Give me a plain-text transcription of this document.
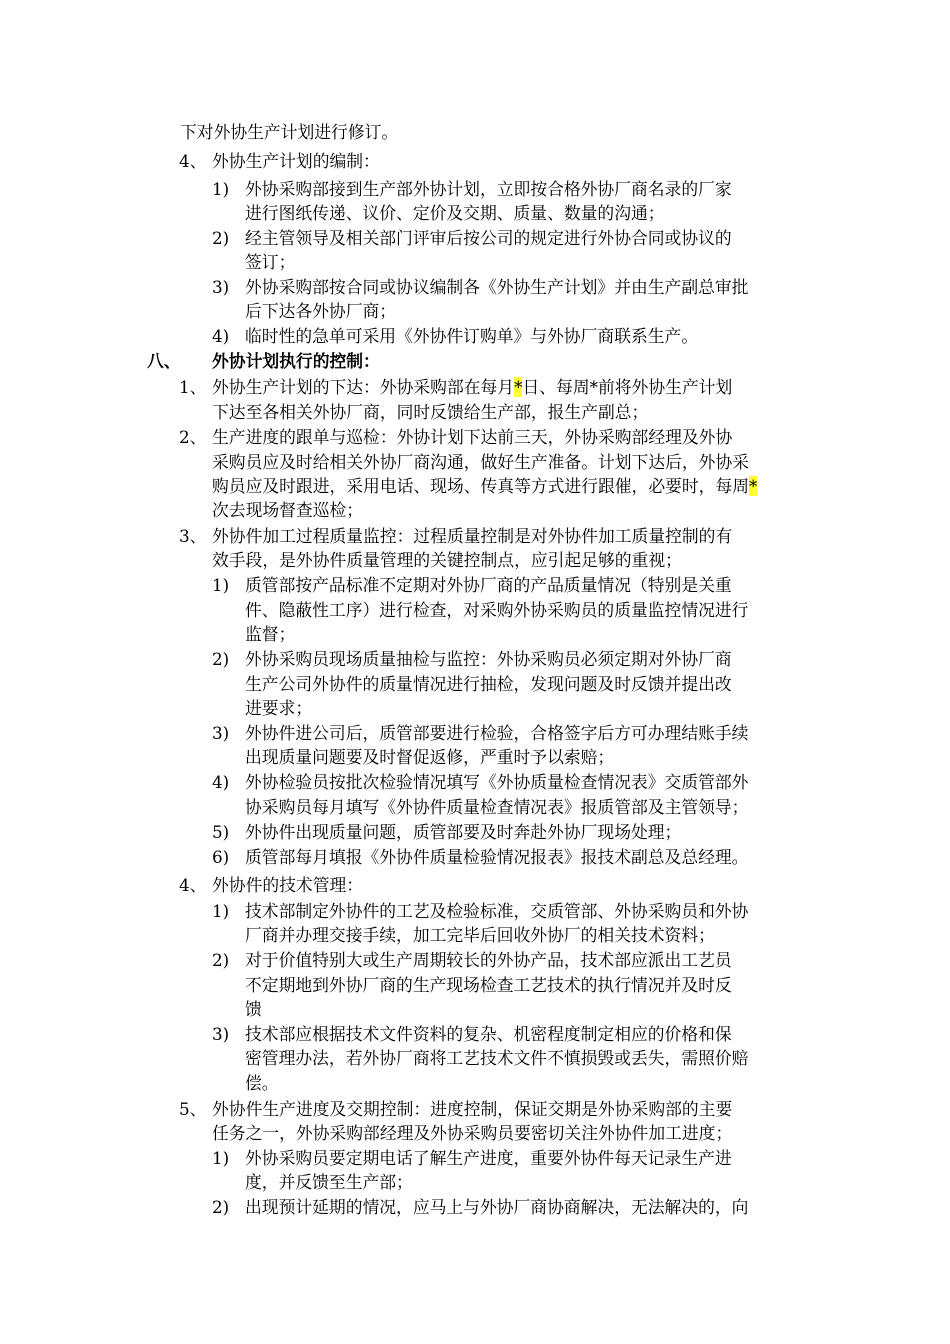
下对外协生产计划进行修订。
4、 外协生产计划的编制：
1) 外协采购部接到生产部外协计划，立即按合格外协厂商名录的厂家
进行图纸传递、议价、定价及交期、质量、数量的沟通；
2) 经主管领导及相关部门评审后按公司的规定进行外协合同或协议的
签订；
3) 外协采购部按合同或协议编制各《外协生产计划》并由生产副总审批
后下达各外协厂商；
4) 临时性的急单可采用《外协件订购单》与外协厂商联系生产。
八、 外协计划执行的控制：
1、 外协生产计划的下达：外协采购部在每月*日、每周*前将外协生产计划
下达至各相关外协厂商，同时反馈给生产部，报生产副总；
2、 生产进度的跟单与巡检：外协计划下达前三天，外协采购部经理及外协
采购员应及时给相关外协厂商沟通，做好生产准备。计划下达后，外协采
购员应及时跟进，采用电话、现场、传真等方式进行跟催，必要时，每周*
次去现场督查巡检；
3、 外协件加工过程质量监控：过程质量控制是对外协件加工质量控制的有
效手段，是外协件质量管理的关键控制点，应引起足够的重视；
1) 质管部按产品标准不定期对外协厂商的产品质量情况（特别是关重
件、隐蔽性工序）进行检查，对采购外协采购员的质量监控情况进行
监督；
2) 外协采购员现场质量抽检与监控：外协采购员必须定期对外协厂商
生产公司外协件的质量情况进行抽检，发现问题及时反馈并提出改
进要求；
3) 外协件进公司后，质管部要进行检验，合格签字后方可办理结账手续
出现质量问题要及时督促返修，严重时予以索赔；
4) 外协检验员按批次检验情况填写《外协质量检查情况表》交质管部外
协采购员每月填写《外协件质量检查情况表》报质管部及主管领导；
5) 外协件出现质量问题，质管部要及时奔赴外协厂现场处理；
6) 质管部每月填报《外协件质量检验情况报表》报技术副总及总经理。
4、 外协件的技术管理：
1) 技术部制定外协件的工艺及检验标准，交质管部、外协采购员和外协
厂商并办理交接手续，加工完毕后回收外协厂的相关技术资料；
2) 对于价值特别大或生产周期较长的外协产品，技术部应派出工艺员
不定期地到外协厂商的生产现场检查工艺技术的执行情况并及时反
馈
3) 技术部应根据技术文件资料的复杂、机密程度制定相应的价格和保
密管理办法，若外协厂商将工艺技术文件不慎损毁或丢失，需照价赔
偿。
5、 外协件生产进度及交期控制：进度控制，保证交期是外协采购部的主要
任务之一，外协采购部经理及外协采购员要密切关注外协件加工进度；
1) 外协采购员要定期电话了解生产进度，重要外协件每天记录生产进
度，并反馈至生产部；
2) 出现预计延期的情况，应马上与外协厂商协商解决，无法解决的，向
